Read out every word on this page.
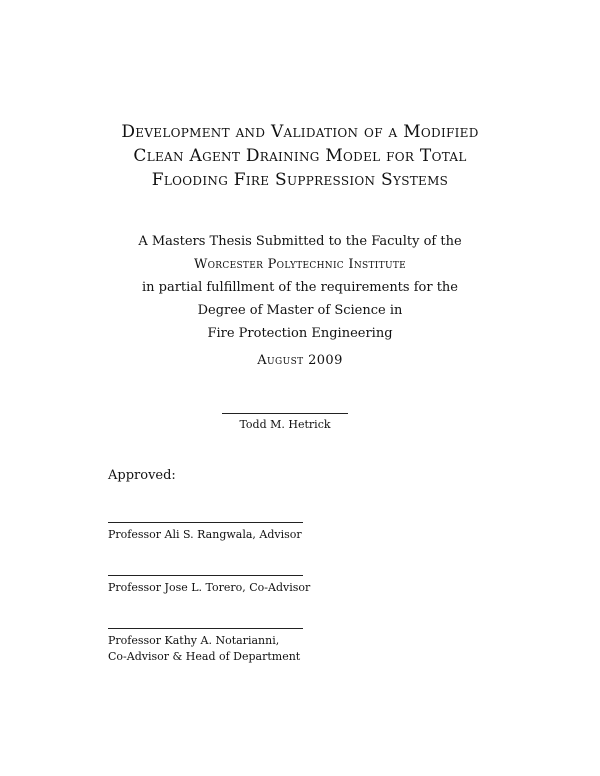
Development and Validation of a Modified
Clean Agent Draining Model for Total
Flooding Fire Suppression Systems
A Masters Thesis Submitted to the Faculty of the
Worcester Polytechnic Institute
in partial fulfillment of the requirements for the
Degree of Master of Science in
Fire Protection Engineering
August 2009
Todd M. Hetrick
Approved:
Professor Ali S. Rangwala, Advisor
Professor Jose L. Torero, Co-Advisor
Professor Kathy A. Notarianni,
Co-Advisor & Head of Department
